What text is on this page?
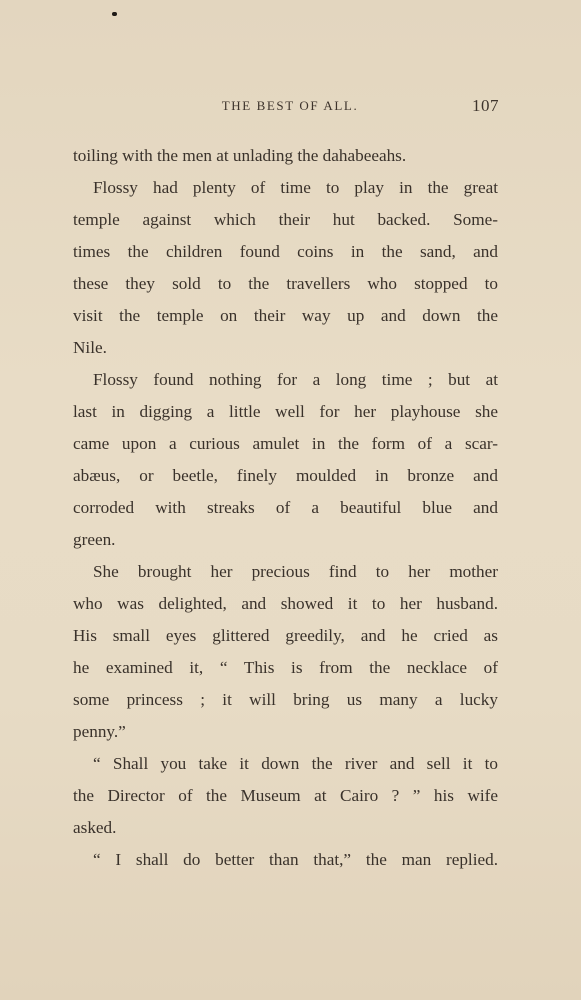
THE BEST OF ALL.	107
toiling with the men at unlading the dahabeeahs.
Flossy had plenty of time to play in the great
temple against which their hut backed. Some-
times the children found coins in the sand, and
these they sold to the travellers who stopped to
visit the temple on their way up and down the
Nile.
Flossy found nothing for a long time ; but at
last in digging a little well for her playhouse she
came upon a curious amulet in the form of a scar-
abæus, or beetle, finely moulded in bronze and
corroded with streaks of a beautiful blue and
green.
She brought her precious find to her mother
who was delighted, and showed it to her husband.
His small eyes glittered greedily, and he cried as
he examined it, “ This is from the necklace of
some princess ; it will bring us many a lucky
penny.”
“ Shall you take it down the river and sell it to
the Director of the Museum at Cairo ? ” his wife
asked.
“ I shall do better than that,” the man replied.
